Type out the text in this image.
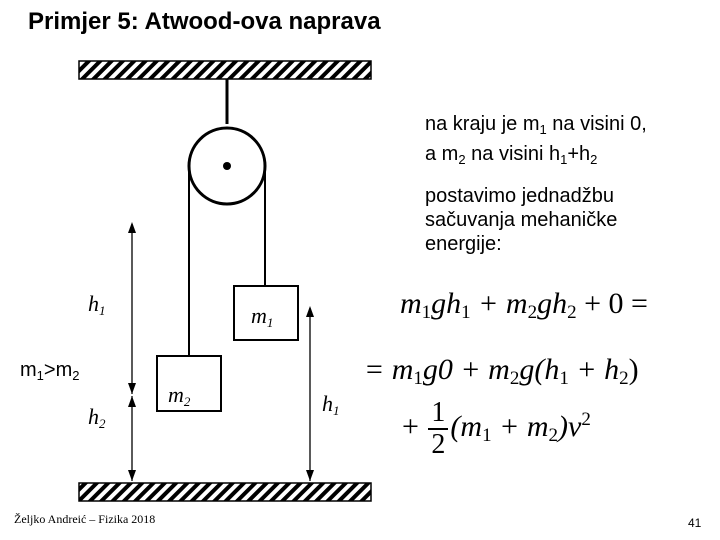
Primjer 5: Atwood-ova naprava
$h_1$
$h_2$
$m_1$
$m_2$	$h_1$
$m_1>m_2$
na kraju je $m_1$ na visini 0,
a $m_2$ na visini $h_1+h_2$
postavimo jednadžbu
sačuvanja mehaničke
energije:
$m_1gh_1 + m_2gh_2 + 0$ =
= $m_1g0 + m_2g(h_1 + h_2)$
+ $\frac{1}{2} (m_1 + m_2)v^2$
Željko Andreić – Fizika 2018	41
